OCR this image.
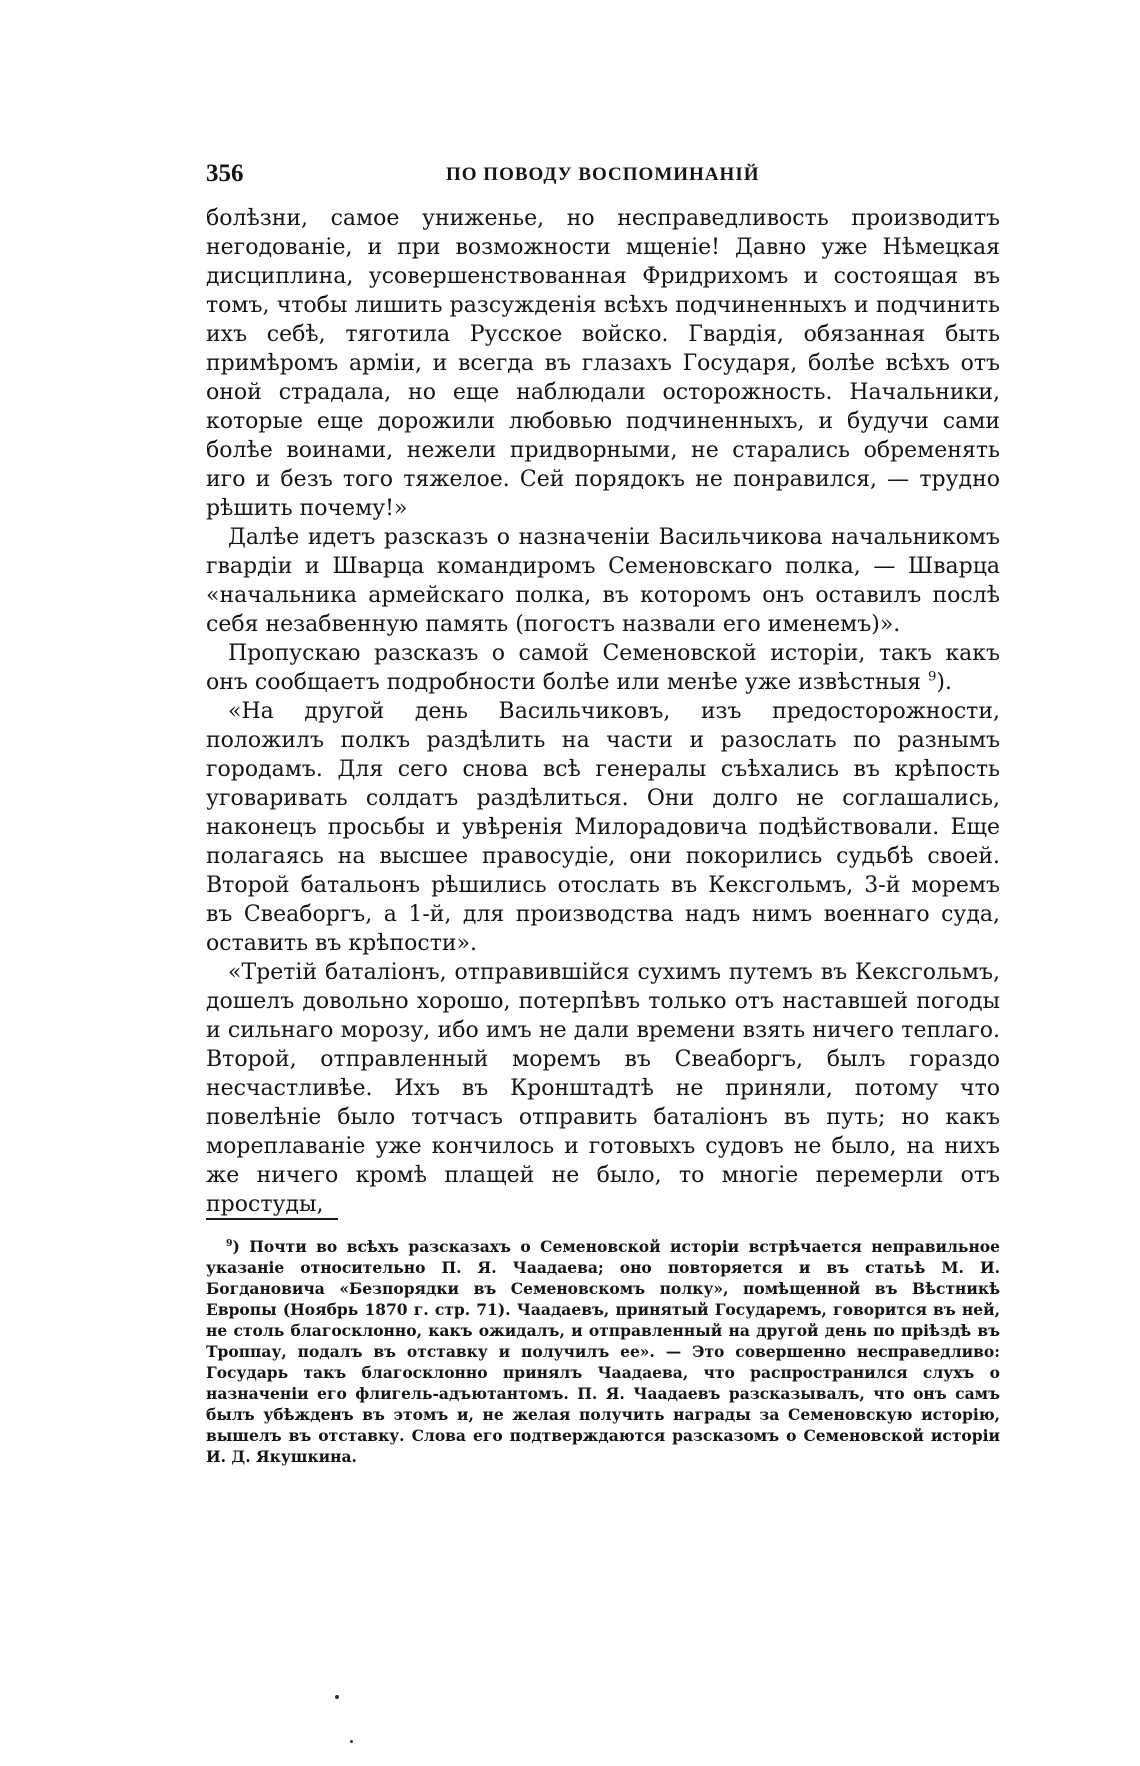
356	ПО ПОВОДУ ВОСПОМИНАНІЙ

болѣзни, самое униженье, но несправедливость производитъ негодованіе, и при возможности мщеніе! Давно уже Нѣмецкая дисциплина, усовершенствованная Фридрихомъ и состоящая въ томъ, чтобы лишить разсужденія всѣхъ подчиненныхъ и подчинить ихъ себѣ, тяготила Русское войско. Гвардія, обязанная быть примѣромъ арміи, и всегда въ глазахъ Государя, болѣе всѣхъ отъ оной страдала, но еще наблюдали осторожность. Начальники, которые еще дорожили любовью подчиненныхъ, и будучи сами болѣе воинами, нежели придворными, не старались обременять иго и безъ того тяжелое. Сей порядокъ не понравился, — трудно рѣшить почему!»

Далѣе идетъ разсказъ о назначеніи Васильчикова начальникомъ гвардіи и Шварца командиромъ Семеновскаго полка, — Шварца «начальника армейскаго полка, въ которомъ онъ оставилъ послѣ себя незабвенную память (погостъ назвали его именемъ)».

Пропускаю разсказъ о самой Семеновской исторіи, такъ какъ онъ сообщаетъ подробности болѣе или менѣе уже извѣстныя $^9$).

«На другой день Васильчиковъ, изъ предосторожности, положилъ полкъ раздѣлить на части и разослать по разнымъ городамъ. Для сего снова всѣ генералы съѣхались въ крѣпость уговаривать солдатъ раздѣлиться. Они долго не соглашались, наконецъ просьбы и увѣренія Милорадовича подѣйствовали. Еще полагаясь на высшее правосудіе, они покорились судьбѣ своей. Второй батальонъ рѣшились отослать въ Кексгольмъ, 3-й моремъ въ Свеаборгъ, а 1-й, для производства надъ нимъ военнаго суда, оставить въ крѣпости».

«Третій баталіонъ, отправившійся сухимъ путемъ въ Кексгольмъ, дошелъ довольно хорошо, потерпѣвъ только отъ наставшей погоды и сильнаго морозу, ибо имъ не дали времени взять ничего теплаго. Второй, отправленный моремъ въ Свеаборгъ, былъ гораздо несчастливѣе. Ихъ въ Кронштадтѣ не приняли, потому что повелѣніе было тотчасъ отправить баталіонъ въ путь; но какъ мореплаваніе уже кончилось и готовыхъ судовъ не было, на нихъ же ничего кромѣ плащей не было, то многіе перемерли отъ простуды,

$^9$) Почти во всѣхъ разсказахъ о Семеновской исторіи встрѣчается неправильное указаніе относительно П. Я. Чаадаева; оно повторяется и въ статьѣ М. И. Богдановича «Безпорядки въ Семеновскомъ полку», помѣщенной въ Вѣстникѣ Европы (Ноябрь 1870 г. стр. 71). Чаадаевъ, принятый Государемъ, говорится въ ней, не столь благосклонно, какъ ожидалъ, и отправленный на другой день по пріѣздѣ въ Троппау, подалъ въ отставку и получилъ ее». — Это совершенно несправедливо: Государь такъ благосклонно принялъ Чаадаева, что распространился слухъ о назначеніи его флигель-адъютантомъ. П. Я. Чаадаевъ разсказывалъ, что онъ самъ былъ убѣжденъ въ этомъ и, не желая получить награды за Семеновскую исторію, вышелъ въ отставку. Слова его подтверждаются разсказомъ о Семеновской исторіи И. Д. Якушкина.
